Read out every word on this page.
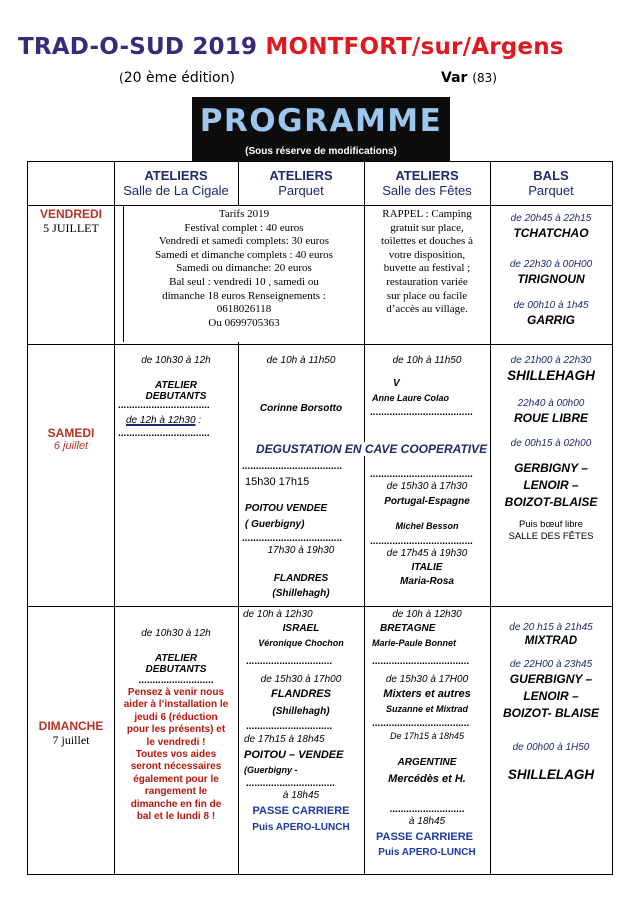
TRAD-O-SUD 2019 MONTFORT/sur/Argens
(20 ème édition)	Var (83)
PROGRAMME
(Sous réserve de modifications)
ATELIERS
Salle de La Cigale
ATELIERS
Parquet
ATELIERS
Salle des Fêtes
BALS
Parquet
VENDREDI
5 JUILLET
SAMEDI
6 juillet
DIMANCHE
7 juillet
Tarifs 2019
Festival complet : 40 euros
Vendredi et samedi complets: 30 euros
Samedi et dimanche complets : 40 euros
Samedi ou dimanche: 20 euros
Bal seul : vendredi 10 , samedi ou
dimanche 18 euros Renseignements :
0618026118
Ou 0699705363
RAPPEL : Camping
gratuit sur place,
toilettes et douches à
votre disposition,
buvette au festival ;
restauration variée
sur place ou facile
d’accès au village.
de 20h45 à 22h15
TCHATCHAO
de 22h30 à 00H00
TIRIGNOUN
de 00h10 à 1h45
GARRIG
de 10h30 à 12h
ATELIER
DEBUTANTS
.................................
de 12h à 12h30 :
.................................
de 10h à 11h50
Corinne Borsotto
....................................
15h30 17h15
POITOU VENDEE
( Guerbigny)
....................................
17h30 à 19h30
FLANDRES
(Shillehagh)
DEGUSTATION EN CAVE COOPERATIVE
de 10h à 11h50
V
Anne Laure Colao
.....................................
.....................................
de 15h30 à 17h30
Portugal-Espagne
Michel Besson
.....................................
de 17h45 à 19h30
ITALIE
Maria-Rosa
de 21h00 à 22h30
SHILLEHAGH
22h40 à 00h00
ROUE LIBRE
de 00h15 à 02h00
GERBIGNY –
LENOIR –
BOIZOT-BLAISE
Puis bœuf libre
SALLE DES FÊTES
de 10h30 à 12h
ATELIER
DEBUTANTS
...........................
Pensez à venir nous
aider à l’installation le
jeudi 6 (réduction
pour les présents) et
le vendredi !
Toutes vos aides
seront nécessaires
également pour le
rangement le
dimanche en fin de
bal et le lundi 8 !
de 10h à 12h30
ISRAEL
Véronique Chochon
...............................
de 15h30 à 17h00
FLANDRES
(Shillehagh)
...............................
de 17h15 à 18h45
POITOU – VENDEE
(Guerbigny -
................................
à 18h45
PASSE CARRIERE
Puis APERO-LUNCH
de 10h à 12h30
BRETAGNE
Marie-Paule Bonnet
...................................
de 15h30 à 17H00
Mixters et autres
Suzanne et Mixtrad
...................................
De 17h15 à 18h45
ARGENTINE
Mercédès et H.
...........................
à 18h45
PASSE CARRIERE
Puis APERO-LUNCH
de 20 h15 à 21h45
MIXTRAD
de 22H00 à 23h45
GUERBIGNY –
LENOIR –
BOIZOT- BLAISE
de 00h00 à 1H50
SHILLELAGH
